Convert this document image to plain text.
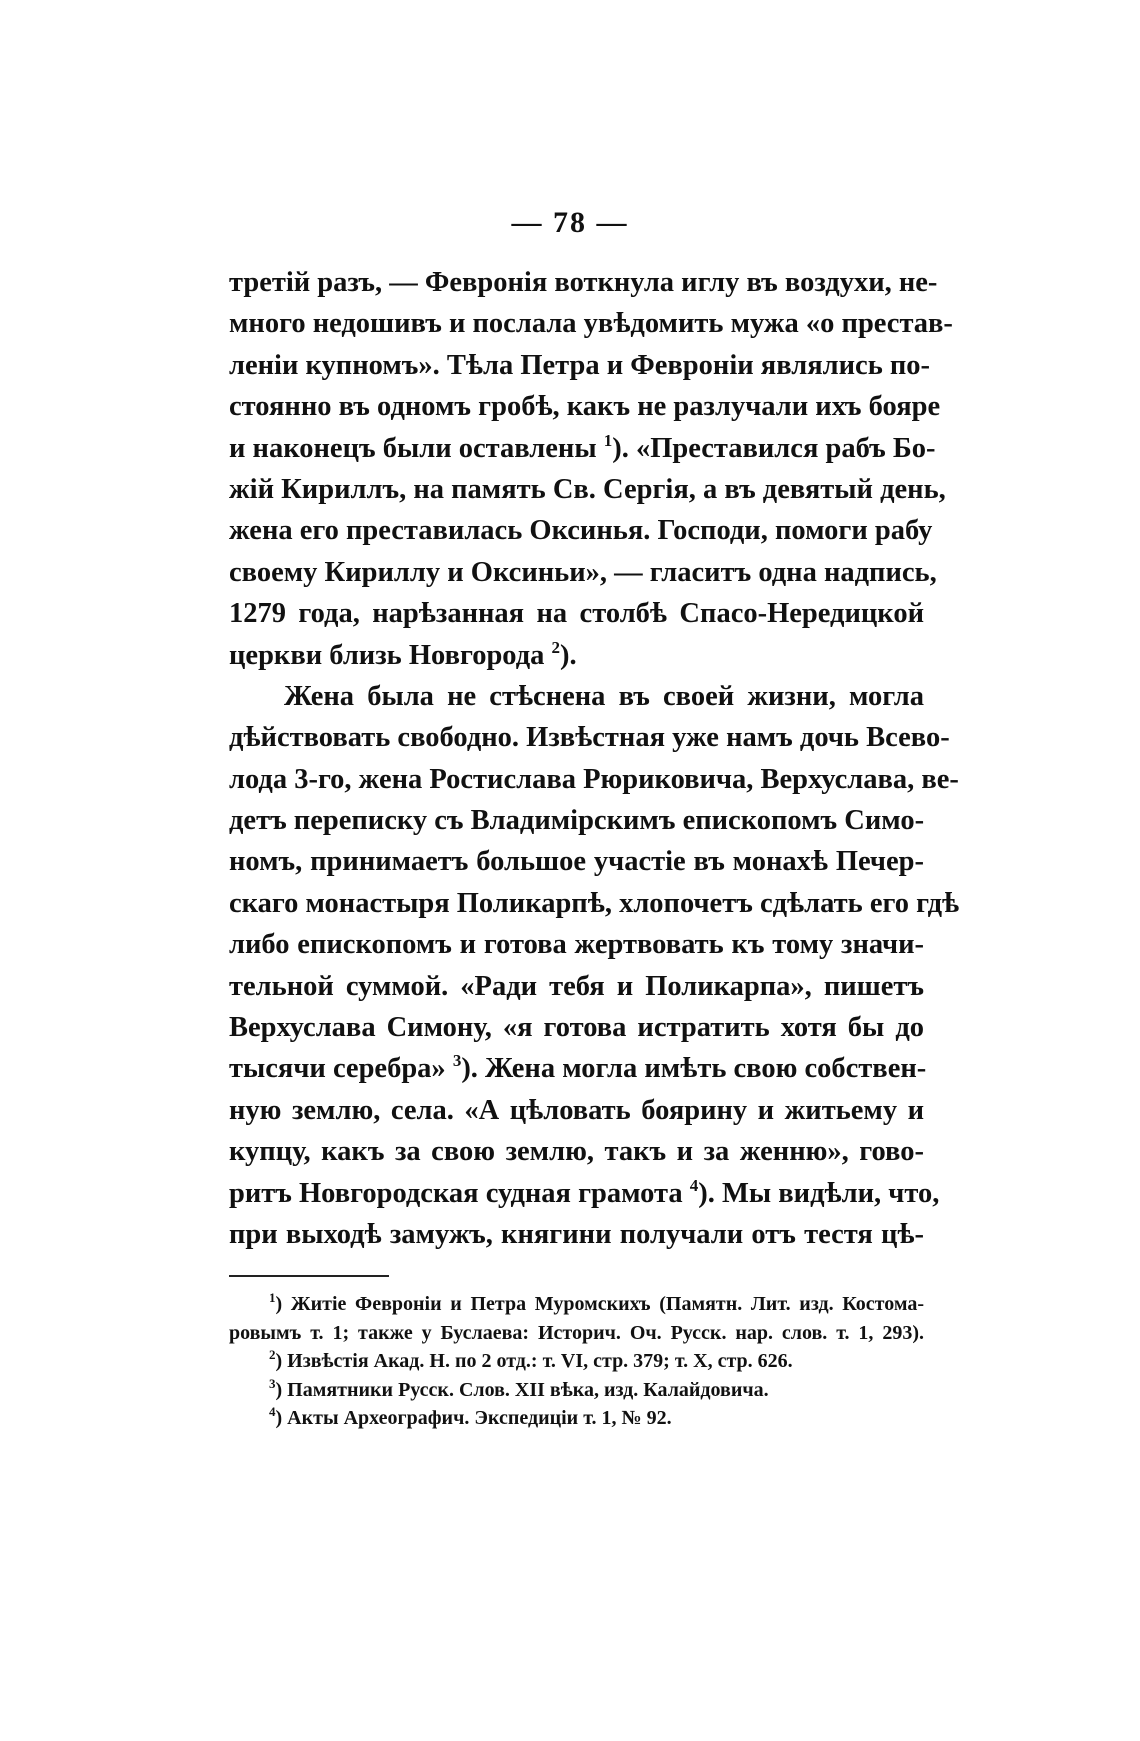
— 78 —
третій разъ, — Февронія воткнула иглу въ воздухи, не-
много недошивъ и послала увѣдомить мужа «о престав-
леніи купномъ». Тѣла Петра и Февроніи являлись по-
стоянно въ одномъ гробѣ, какъ не разлучали ихъ бояре
и наконецъ были оставлены $^1$). «Преставился рабъ Бо-
жій Кириллъ, на память Св. Сергія, а въ девятый день,
жена его преставилась Оксинья. Господи, помоги рабу
своему Кириллу и Оксиньи», — гласитъ одна надпись,
1279 года, нарѣзанная на столбѣ Спасо-Нередицкой
церкви близь Новгорода $^2$).
Жена была не стѣснена въ своей жизни, могла
дѣйствовать свободно. Извѣстная уже намъ дочь Всево-
лода 3-го, жена Ростислава Рюриковича, Верхуслава, ве-
детъ переписку съ Владимірскимъ епископомъ Симо-
номъ, принимаетъ большое участіе въ монахѣ Печер-
скаго монастыря Поликарпѣ, хлопочетъ сдѣлать его гдѣ
либо епископомъ и готова жертвовать къ тому значи-
тельной суммой. «Ради тебя и Поликарпа», пишетъ
Верхуслава Симону, «я готова истратить хотя бы до
тысячи серебра» $^3$). Жена могла имѣть свою собствен-
ную землю, села. «А цѣловать боярину и житьему и
купцу, какъ за свою землю, такъ и за женню», гово-
ритъ Новгородская судная грамота $^4$). Мы видѣли, что,
при выходѣ замужъ, княгини получали отъ тестя цѣ-
$^1$) Житіе Февроніи и Петра Муромскихъ (Памятн. Лит. изд. Костома-
ровымъ т. 1; также у Буслаева: Историч. Оч. Русск. нар. слов. т. 1, 293).
$^2$) Извѣстія Акад. Н. по 2 отд.: т. VI, стр. 379; т. X, стр. 626.
$^3$) Памятники Русск. Слов. XII вѣка, изд. Калайдовича.
$^4$) Акты Археографич. Экспедиціи т. 1, № 92.
